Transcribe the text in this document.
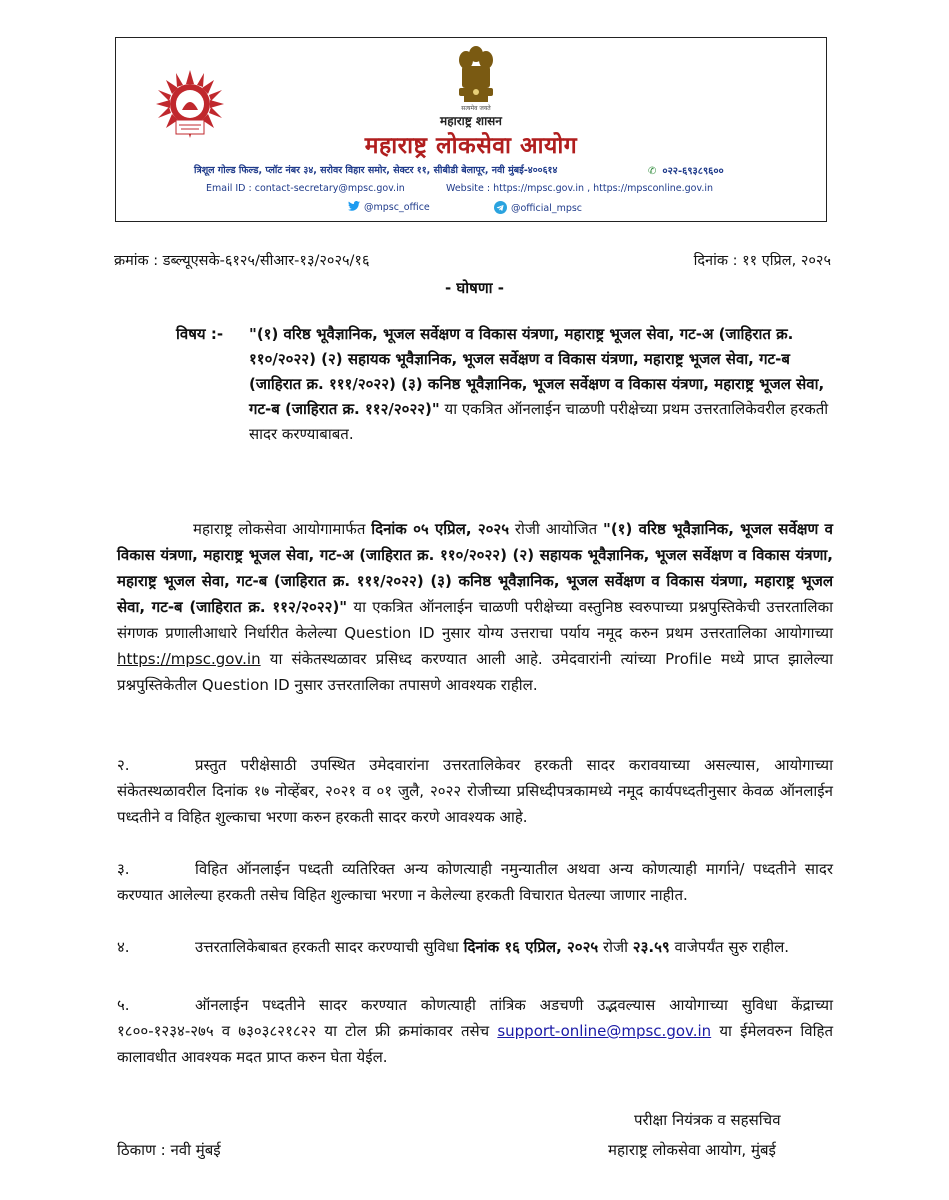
सत्यमेव जयते
महाराष्ट्र शासन
महाराष्ट्र लोकसेवा आयोग
त्रिशूल गोल्ड फिल्ड, प्लॉट नंबर ३४, सरोवर विहार समोर, सेक्टर ११, सीबीडी बेलापूर, नवी मुंबई-४००६१४	✆ ०२२-६९३८९६००
Email ID : contact-secretary@mpsc.gov.in	Website : https://mpsc.gov.in , https://mpsconline.gov.in
@mpsc_office	@official_mpsc
क्रमांक : डब्ल्यूएसके-६१२५/सीआर-१३/२०२५/१६	दिनांक : ११ एप्रिल, २०२५
- घोषणा -
विषय :- "(१) वरिष्ठ भूवैज्ञानिक, भूजल सर्वेक्षण व विकास यंत्रणा, महाराष्ट्र भूजल सेवा, गट-अ (जाहिरात क्र. ११०/२०२२) (२) सहायक भूवैज्ञानिक, भूजल सर्वेक्षण व विकास यंत्रणा, महाराष्ट्र भूजल सेवा, गट-ब (जाहिरात क्र. १११/२०२२) (३) कनिष्ठ भूवैज्ञानिक, भूजल सर्वेक्षण व विकास यंत्रणा, महाराष्ट्र भूजल सेवा, गट-ब (जाहिरात क्र. ११२/२०२२)" या एकत्रित ऑनलाईन चाळणी परीक्षेच्या प्रथम उत्तरतालिकेवरील हरकती सादर करण्याबाबत.
महाराष्ट्र लोकसेवा आयोगामार्फत दिनांक ०५ एप्रिल, २०२५ रोजी आयोजित "(१) वरिष्ठ भूवैज्ञानिक, भूजल सर्वेक्षण व विकास यंत्रणा, महाराष्ट्र भूजल सेवा, गट-अ (जाहिरात क्र. ११०/२०२२) (२) सहायक भूवैज्ञानिक, भूजल सर्वेक्षण व विकास यंत्रणा, महाराष्ट्र भूजल सेवा, गट-ब (जाहिरात क्र. १११/२०२२) (३) कनिष्ठ भूवैज्ञानिक, भूजल सर्वेक्षण व विकास यंत्रणा, महाराष्ट्र भूजल सेवा, गट-ब (जाहिरात क्र. ११२/२०२२)" या एकत्रित ऑनलाईन चाळणी परीक्षेच्या वस्तुनिष्ठ स्वरुपाच्या प्रश्नपुस्तिकेची उत्तरतालिका संगणक प्रणालीआधारे निर्धारीत केलेल्या Question ID नुसार योग्य उत्तराचा पर्याय नमूद करुन प्रथम उत्तरतालिका आयोगाच्या https://mpsc.gov.in या संकेतस्थळावर प्रसिध्द करण्यात आली आहे. उमेदवारांनी त्यांच्या Profile मध्ये प्राप्त झालेल्या प्रश्नपुस्तिकेतील Question ID नुसार उत्तरतालिका तपासणे आवश्यक राहील.
२.	प्रस्तुत परीक्षेसाठी उपस्थित उमेदवारांना उत्तरतालिकेवर हरकती सादर करावयाच्या असल्यास, आयोगाच्या संकेतस्थळावरील दिनांक १७ नोव्हेंबर, २०२१ व ०१ जुलै, २०२२ रोजीच्या प्रसिध्दीपत्रकामध्ये नमूद कार्यपध्दतीनुसार केवळ ऑनलाईन पध्दतीने व विहित शुल्काचा भरणा करुन हरकती सादर करणे आवश्यक आहे.
३.	विहित ऑनलाईन पध्दती व्यतिरिक्त अन्य कोणत्याही नमुन्यातील अथवा अन्य कोणत्याही मार्गाने/ पध्दतीने सादर करण्यात आलेल्या हरकती तसेच विहित शुल्काचा भरणा न केलेल्या हरकती विचारात घेतल्या जाणार नाहीत.
४.	उत्तरतालिकेबाबत हरकती सादर करण्याची सुविधा दिनांक १६ एप्रिल, २०२५ रोजी २३.५९ वाजेपर्यंत सुरु राहील.
५.	ऑनलाईन पध्दतीने सादर करण्यात कोणत्याही तांत्रिक अडचणी उद्भवल्यास आयोगाच्या सुविधा केंद्राच्या १८००-१२३४-२७५ व ७३०३८२१८२२ या टोल फ्री क्रमांकावर तसेच support-online@mpsc.gov.in या ईमेलवरुन विहित कालावधीत आवश्यक मदत प्राप्त करुन घेता येईल.
परीक्षा नियंत्रक व सहसचिव
महाराष्ट्र लोकसेवा आयोग, मुंबई
ठिकाण : नवी मुंबई
